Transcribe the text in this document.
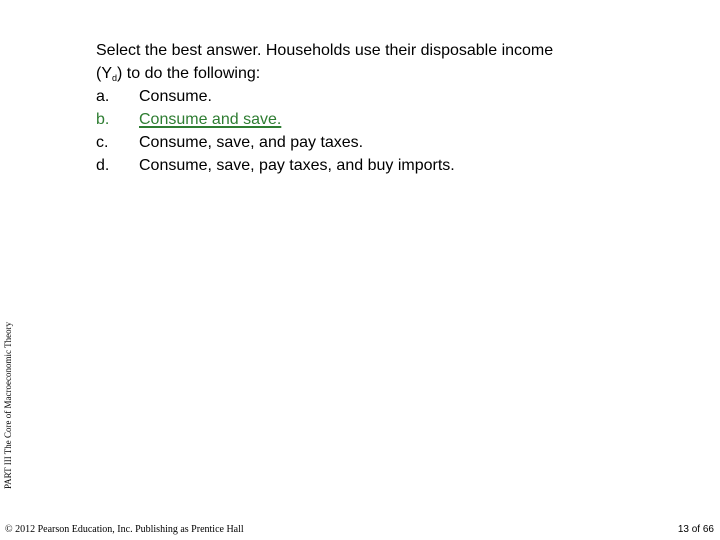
PART III The Core of Macroeconomic Theory
Select the best answer. Households use their disposable income
$(Y_d)$ to do the following:
a.	Consume.
b.	Consume and save.
c.	Consume, save, and pay taxes.
d.	Consume, save, pay taxes, and buy imports.
© 2012 Pearson Education, Inc. Publishing as Prentice Hall	13 of 66
